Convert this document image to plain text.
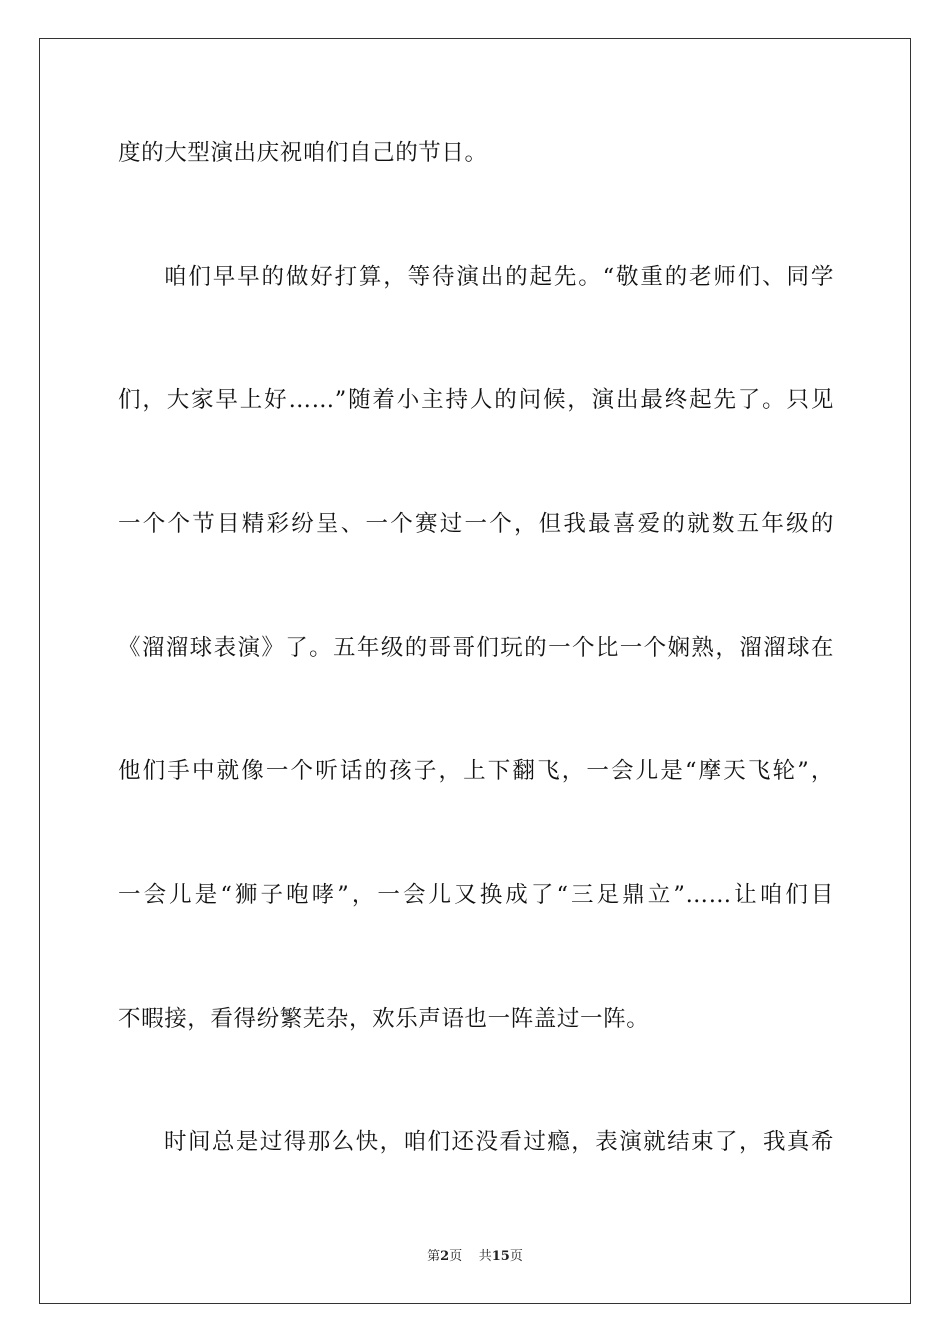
度的大型演出庆祝咱们自己的节日。
咱们早早的做好打算，等待演出的起先。“敬重的老师们、同学
们，大家早上好……”随着小主持人的问候，演出最终起先了。只见
一个个节目精彩纷呈、一个赛过一个，但我最喜爱的就数五年级的
《溜溜球表演》了。五年级的哥哥们玩的一个比一个娴熟，溜溜球在
他们手中就像一个听话的孩子，上下翻飞，一会儿是“摩天飞轮”，
一会儿是“狮子咆哮”，一会儿又换成了“三足鼎立”……让咱们目
不暇接，看得纷繁芜杂，欢乐声语也一阵盖过一阵。
时间总是过得那么快，咱们还没看过瘾，表演就结束了，我真希
第2页 共15页
